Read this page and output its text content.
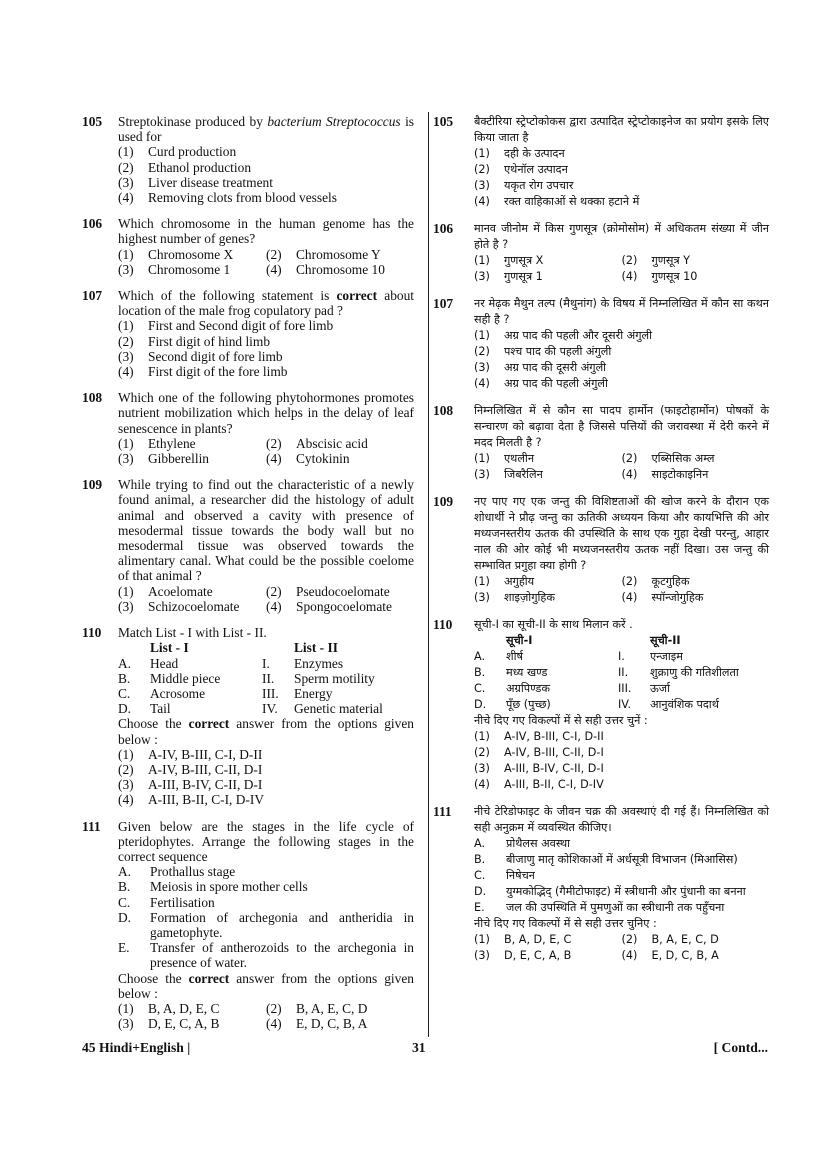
105 Streptokinase produced by bacterium Streptococcus is used for
(1)	Curd production
(2)	Ethanol production
(3)	Liver disease treatment
(4)	Removing clots from blood vessels
106 Which chromosome in the human genome has the highest number of genes?
(1)	Chromosome X (2)	Chromosome Y
(3)	Chromosome 1	(4)	Chromosome 10
107 Which of the following statement is correct about location of the male frog copulatory pad ?
(1)	First and Second digit of fore limb
(2)	First digit of hind limb
(3)	Second digit of fore limb
(4)	First digit of the fore limb
108 Which one of the following phytohormones promotes nutrient mobilization which helps in the delay of leaf senescence in plants?
(1)	Ethylene	(2)	Abscisic acid
(3)	Gibberellin	(4)	Cytokinin
109 While trying to find out the characteristic of a newly found animal, a researcher did the histology of adult animal and observed a cavity with presence of mesodermal tissue towards the body wall but no mesodermal tissue was observed towards the alimentary canal. What could be the possible coelome of that animal ?
(1)	Acoelomate	(2)	Pseudocoelomate
(3)	Schizocoelomate (4)	Spongocoelomate
110 Match List - I with List - II.
	List - I		List - II
A.	Head	I.	Enzymes
B.	Middle piece	II.	Sperm motility
C.	Acrosome	III.	Energy
D.	Tail	IV.	Genetic material
Choose the correct answer from the options given below :
(1)	A-IV, B-III, C-I, D-II
(2)	A-IV, B-III, C-II, D-I
(3)	A-III, B-IV, C-II, D-I
(4)	A-III, B-II, C-I, D-IV
111 Given below are the stages in the life cycle of pteridophytes. Arrange the following stages in the correct sequence
A.	Prothallus stage
B.	Meiosis in spore mother cells
C.	Fertilisation
D.	Formation of archegonia and antheridia in gametophyte.
E.	Transfer of antherozoids to the archegonia in presence of water.
Choose the correct answer from the options given below :
(1)	B, A, D, E, C	(2)	B, A, E, C, D
(3)	D, E, C, A, B	(4)	E, D, C, B, A
105 बैक्टीरिया स्ट्रेप्टोकोकस द्वारा उत्पादित स्ट्रेप्टोकाइनेज का प्रयोग इसके लिए किया जाता है
(1)	दही के उत्पादन
(2)	एथेनॉल उत्पादन
(3)	यकृत रोग उपचार
(4)	रक्त वाहिकाओं से थक्का हटाने में
106 मानव जीनोम में किस गुणसूत्र (क्रोमोसोम) में अधिकतम संख्या में जीन होते है ?
(1)	गुणसूत्र X	(2)	गुणसूत्र Y
(3)	गुणसूत्र 1	(4)	गुणसूत्र 10
107 नर मेढ़क मैथुन तल्प (मैथुनांग) के विषय में निम्नलिखित में कौन सा कथन सही है ?
(1)	अग्र पाद की पहली और दूसरी अंगुली
(2)	पश्च पाद की पहली अंगुली
(3)	अग्र पाद की दूसरी अंगुली
(4)	अग्र पाद की पहली अंगुली
108 निम्नलिखित में से कौन सा पादप हार्मोन (फाइटोहार्मोन) पोषकों के सन्चारण को बढ़ावा देता है जिससे पत्तियों की जरावस्था में देरी करने में मदद मिलती है ?
(1)	एथलीन	(2)	एब्सिसिक अम्ल
(3)	जिबरैलिन	(4)	साइटोकाइनिन
109 नए पाए गए एक जन्तु की विशिष्टताओं की खोज करने के दौरान एक शोधार्थी ने प्रौढ़ जन्तु का ऊतिकी अध्ययन किया और कायभित्ति की ओर मध्यजनस्तरीय ऊतक की उपस्थिति के साथ एक गुहा देखी परन्तु, आहार नाल की ओर कोई भी मध्यजनस्तरीय ऊतक नहीं दिखा। उस जन्तु की सम्भावित प्रगुहा क्या होगी ?
(1)	अगुहीय	(2)	कूटगुहिक
(3)	शाइज़ोगुहिक	(4)	स्पॉन्जोगुहिक
110 सूची-I का सूची-II के साथ मिलान करें .
	सूची-I		सूची-II
A.	शीर्ष	I.	एन्जाइम
B.	मध्य खण्ड	II.	शुक्राणु की गतिशीलता
C.	अग्रपिण्डक	III.	ऊर्जा
D.	पूँछ (पुच्छ)	IV.	आनुवंशिक पदार्थ
नीचे दिए गए विकल्पों में से सही उत्तर चुनें :
(1)	A-IV, B-III, C-I, D-II
(2)	A-IV, B-III, C-II, D-I
(3)	A-III, B-IV, C-II, D-I
(4)	A-III, B-II, C-I, D-IV
111 नीचे टेरिडोफाइट के जीवन चक्र की अवस्थाएं दी गई हैं। निम्नलिखित को सही अनुक्रम में व्यवस्थित कीजिए।
A.	प्रोथैलस अवस्था
B.	बीजाणु मातृ कोशिकाओं में अर्धसूत्री विभाजन (मिआसिस)
C.	निषेचन
D.	युग्मकोद्भिद् (गैमीटोफाइट) में स्त्रीधानी और पुंधानी का बनना
E.	जल की उपस्थिति में पुमणुओं का स्त्रीधानी तक पहुँचना
नीचे दिए गए विकल्पों में से सही उत्तर चुनिए :
(1)	B, A, D, E, C	(2)	B, A, E, C, D
(3)	D, E, C, A, B	(4)	E, D, C, B, A
45 Hindi+English |	31	[ Contd...
